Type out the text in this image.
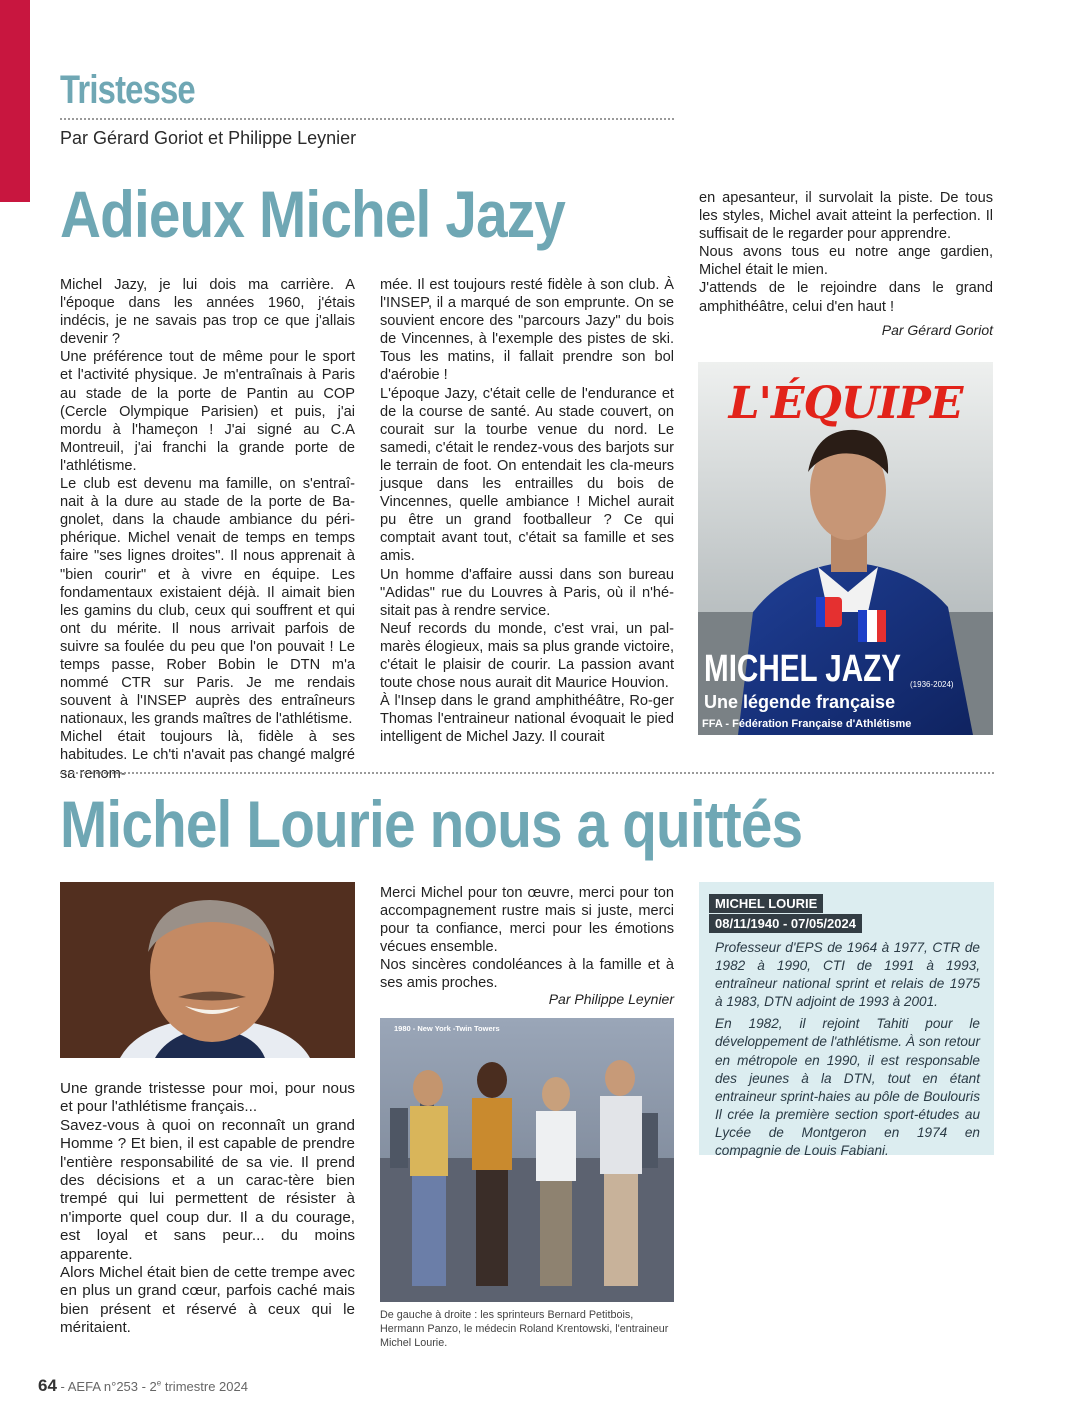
Tristesse
Par Gérard Goriot et Philippe Leynier
Adieux Michel Jazy

Michel Jazy, je lui dois ma carrière. A l'époque dans les années 1960, j'étais indécis, je ne savais pas trop ce que j'allais devenir ?

Une préférence tout de même pour le sport et l'activité physique. Je m'entraînais à Paris au stade de la porte de Pantin au COP (Cercle Olympique Parisien) et puis, j'ai mordu à l'hameçon ! J'ai signé au C.A Montreuil, j'ai franchi la grande porte de l'athlétisme.

Le club est devenu ma famille, on s'entraî-nait à la dure au stade de la porte de Ba-gnolet, dans la chaude ambiance du péri-phérique. Michel venait de temps en temps faire "ses lignes droites". Il nous apprenait à "bien courir" et à vivre en équipe. Les fondamentaux existaient déjà. Il aimait bien les gamins du club, ceux qui souffrent et qui ont du mérite. Il nous arrivait parfois de suivre sa foulée du peu que l'on pouvait ! Le temps passe, Rober Bobin le DTN m'a nommé CTR sur Paris. Je me rendais souvent à l'INSEP auprès des entraîneurs nationaux, les grands maîtres de l'athlétisme.

Michel était toujours là, fidèle à ses habitudes. Le ch'ti n'avait pas changé malgré sa renom-

mée. Il est toujours resté fidèle à son club. À l'INSEP, il a marqué de son emprunte. On se souvient encore des "parcours Jazy" du bois de Vincennes, à l'exemple des pistes de ski. Tous les matins, il fallait prendre son bol d'aérobie !

L'époque Jazy, c'était celle de l'endurance et de la course de santé. Au stade couvert, on courait sur la tourbe venue du nord. Le samedi, c'était le rendez-vous des barjots sur le terrain de foot. On entendait les cla-meurs jusque dans les entrailles du bois de Vincennes, quelle ambiance ! Michel aurait pu être un grand footballeur ? Ce qui comptait avant tout, c'était sa famille et ses amis.

Un homme d'affaire aussi dans son bureau "Adidas" rue du Louvres à Paris, où il n'hé-sitait pas à rendre service.

Neuf records du monde, c'est vrai, un pal-marès élogieux, mais sa plus grande victoire, c'était le plaisir de courir. La passion avant toute chose nous aurait dit Maurice Houvion.

À l'Insep dans le grand amphithéâtre, Ro-ger Thomas l'entraineur national évoquait le pied intelligent de Michel Jazy. Il courait

en apesanteur, il survolait la piste. De tous les styles, Michel avait atteint la perfection. Il suffisait de le regarder pour apprendre.

Nous avons tous eu notre ange gardien, Michel était le mien.

J'attends de le rejoindre dans le grand amphithéâtre, celui d'en haut !

Par Gérard Goriot
L'ÉQUIPE
MICHEL JAZY (1936-2024)
Une légende française
FFA - Fédération Française d'Athlétisme
Michel Lourie nous a quittés

Une grande tristesse pour moi, pour nous et pour l'athlétisme français...

Savez-vous à quoi on reconnaît un grand Homme ? Et bien, il est capable de prendre l'entière responsabilité de sa vie. Il prend des décisions et a un carac-tère bien trempé qui lui permettent de résister à n'importe quel coup dur. Il a du courage, est loyal et sans peur... du moins apparente.

Alors Michel était bien de cette trempe avec en plus un grand cœur, parfois caché mais bien présent et réservé à ceux qui le méritaient.

Merci Michel pour ton œuvre, merci pour ton accompagnement rustre mais si juste, merci pour ta confiance, merci pour les émotions vécues ensemble.

Nos sincères condoléances à la famille et à ses amis proches.

Par Philippe Leynier
1980 - New York -Twin Towers
De gauche à droite : les sprinteurs Bernard Petitbois, Hermann Panzo, le médecin Roland Krentowski, l'entraineur Michel Lourie.
MICHEL LOURIE
08/11/1940 - 07/05/2024

Professeur d'EPS de 1964 à 1977, CTR de 1982 à 1990, CTI de 1991 à 1993, entraîneur national sprint et relais de 1975 à 1983, DTN adjoint de 1993 à 2001.

En 1982, il rejoint Tahiti pour le développement de l'athlétisme. À son retour en métropole en 1990, il est responsable des jeunes à la DTN, tout en étant entraineur sprint-haies au pôle de Boulouris Il crée la première section sport-études au Lycée de Montgeron en 1974 en compagnie de Louis Fabiani.

64 - AEFA n°253 - 2e trimestre 2024
